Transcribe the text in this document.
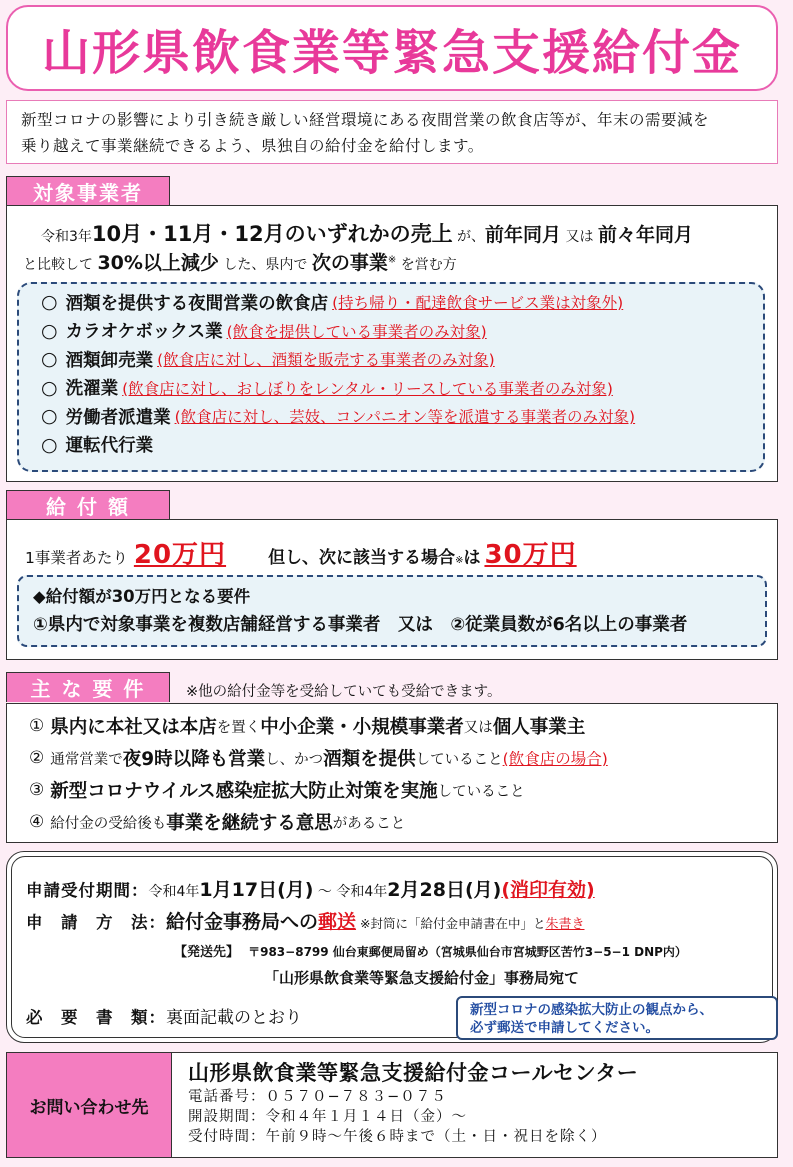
山形県飲食業等緊急支援給付金
新型コロナの影響により引き続き厳しい経営環境にある夜間営業の飲食店等が、年末の需要減を
乗り越えて事業継続できるよう、県独自の給付金を給付します。
対象事業者
令和3年10月・11月・12月のいずれかの売上 が、前年同月 又は 前々年同月
と比較して 30%以上減少 した、県内で 次の事業※ を営む方
○ 酒類を提供する夜間営業の飲食店 (持ち帰り・配達飲食サービス業は対象外)
○ カラオケボックス業 (飲食を提供している事業者のみ対象)
○ 酒類卸売業 (飲食店に対し、酒類を販売する事業者のみ対象)
○ 洗濯業 (飲食店に対し、おしぼりをレンタル・リースしている事業者のみ対象)
○ 労働者派遣業 (飲食店に対し、芸妓、コンパニオン等を派遣する事業者のみ対象)
○ 運転代行業
給 付 額
1事業者あたり 20万円 但し、次に該当する場合$_※$ は 30万円
◆給付額が30万円となる要件
①県内で対象事業を複数店舗経営する事業者　又は　②従業員数が6名以上の事業者
主 な 要 件	※他の給付金等を受給していても受給できます。
① 県内に本社又は本店 を置く 中小企業・小規模事業者 又は 個人事業主
② 通常営業で 夜9時以降も営業 し、かつ 酒類を提供 していること (飲食店の場合)
③ 新型コロナウイルス感染症拡大防止対策を実施 していること
④ 給付金の受給後も 事業を継続する意思 があること
申請受付期間：令和4年1月17日(月) ～ 令和4年2月28日(月)(消印有効)
申　請　方　法：給付金事務局への郵送 ※封筒に「給付金申請書在中」と朱書き
【発送先】 〒983−8799 仙台東郵便局留め（宮城県仙台市宮城野区苦竹3−5−1 DNP内）
「山形県飲食業等緊急支援給付金」事務局宛て
必　要　書　類：裏面記載のとおり	新型コロナの感染拡大防止の観点から、
必ず郵送で申請してください。
お問い合わせ先
山形県飲食業等緊急支援給付金コールセンター
電話番号：０５７０−７８３−０７５
開設期間：令和４年１月１４日（金）～
受付時間：午前９時～午後６時まで（土・日・祝日を除く）
